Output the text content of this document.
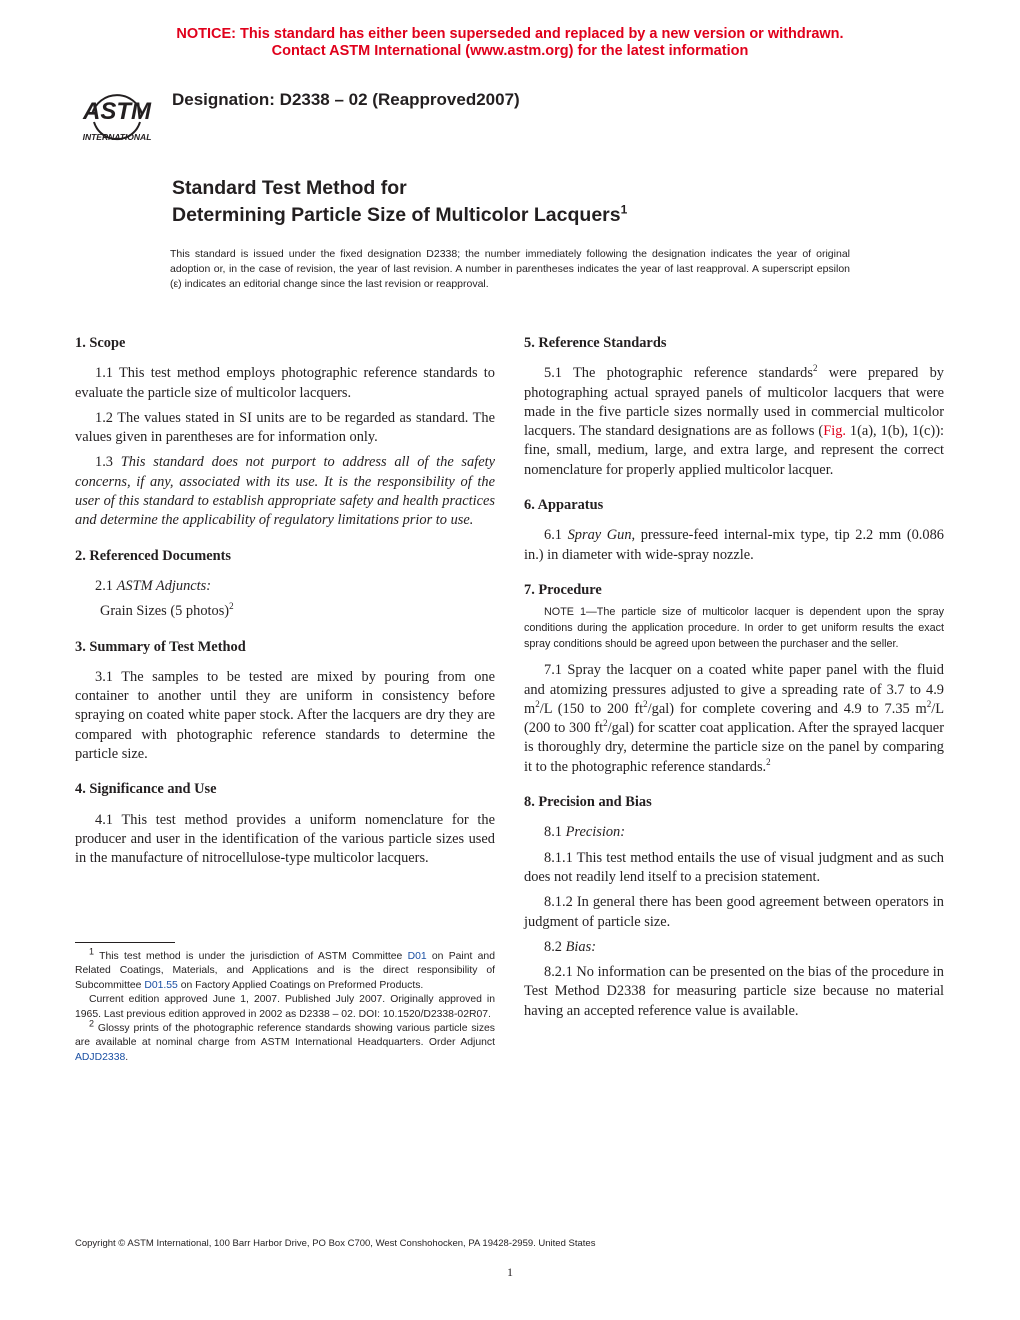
NOTICE: This standard has either been superseded and replaced by a new version or withdrawn.
Contact ASTM International (www.astm.org) for the latest information
ASTM
INTERNATIONAL
Designation: D2338 – 02 (Reapproved2007)
Standard Test Method for
Determining Particle Size of Multicolor Lacquers$^1$
This standard is issued under the fixed designation D2338; the number immediately following the designation indicates the year of original adoption or, in the case of revision, the year of last revision. A number in parentheses indicates the year of last reapproval. A superscript epsilon (ε) indicates an editorial change since the last revision or reapproval.
1. Scope

1.1 This test method employs photographic reference standards to evaluate the particle size of multicolor lacquers.

1.2 The values stated in SI units are to be regarded as standard. The values given in parentheses are for information only.

1.3 This standard does not purport to address all of the safety concerns, if any, associated with its use. It is the responsibility of the user of this standard to establish appropriate safety and health practices and determine the applicability of regulatory limitations prior to use.

2. Referenced Documents

2.1 ASTM Adjuncts:

Grain Sizes (5 photos)$^2$

3. Summary of Test Method

3.1 The samples to be tested are mixed by pouring from one container to another until they are uniform in consistency before spraying on coated white paper stock. After the lacquers are dry they are compared with photographic reference standards to determine the particle size.

4. Significance and Use

4.1 This test method provides a uniform nomenclature for the producer and user in the identification of the various particle sizes used in the manufacture of nitrocellulose-type multicolor lacquers.

5. Reference Standards

5.1 The photographic reference standards$^2$ were prepared by photographing actual sprayed panels of multicolor lacquers that were made in the five particle sizes normally used in commercial multicolor lacquers. The standard designations are as follows (Fig. 1(a), 1(b), 1(c)): fine, small, medium, large, and extra large, and represent the correct nomenclature for properly applied multicolor lacquer.

6. Apparatus

6.1 Spray Gun, pressure-feed internal-mix type, tip 2.2 mm (0.086 in.) in diameter with wide-spray nozzle.

7. Procedure
NOTE 1—The particle size of multicolor lacquer is dependent upon the spray conditions during the application procedure. In order to get uniform results the exact spray conditions should be agreed upon between the purchaser and the seller.

7.1 Spray the lacquer on a coated white paper panel with the fluid and atomizing pressures adjusted to give a spreading rate of 3.7 to 4.9 $m^2/L$ (150 to 200 $ft^2/gal$) for complete covering and 4.9 to 7.35 $m^2/L$ (200 to 300 $ft^2/gal$) for scatter coat application. After the sprayed lacquer is thoroughly dry, determine the particle size on the panel by comparing it to the photographic reference standards.$^2$

8. Precision and Bias

8.1 Precision:

8.1.1 This test method entails the use of visual judgment and as such does not readily lend itself to a precision statement.

8.1.2 In general there has been good agreement between operators in judgment of particle size.

8.2 Bias:

8.2.1 No information can be presented on the bias of the procedure in Test Method D2338 for measuring particle size because no material having an accepted reference value is available.

$^1$ This test method is under the jurisdiction of ASTM Committee D01 on Paint and Related Coatings, Materials, and Applications and is the direct responsibility of Subcommittee D01.55 on Factory Applied Coatings on Preformed Products.
Current edition approved June 1, 2007. Published July 2007. Originally approved in 1965. Last previous edition approved in 2002 as D2338 – 02. DOI: 10.1520/D2338-02R07.
$^2$ Glossy prints of the photographic reference standards showing various particle sizes are available at nominal charge from ASTM International Headquarters. Order Adjunct ADJD2338.
Copyright © ASTM International, 100 Barr Harbor Drive, PO Box C700, West Conshohocken, PA 19428-2959. United States
1
